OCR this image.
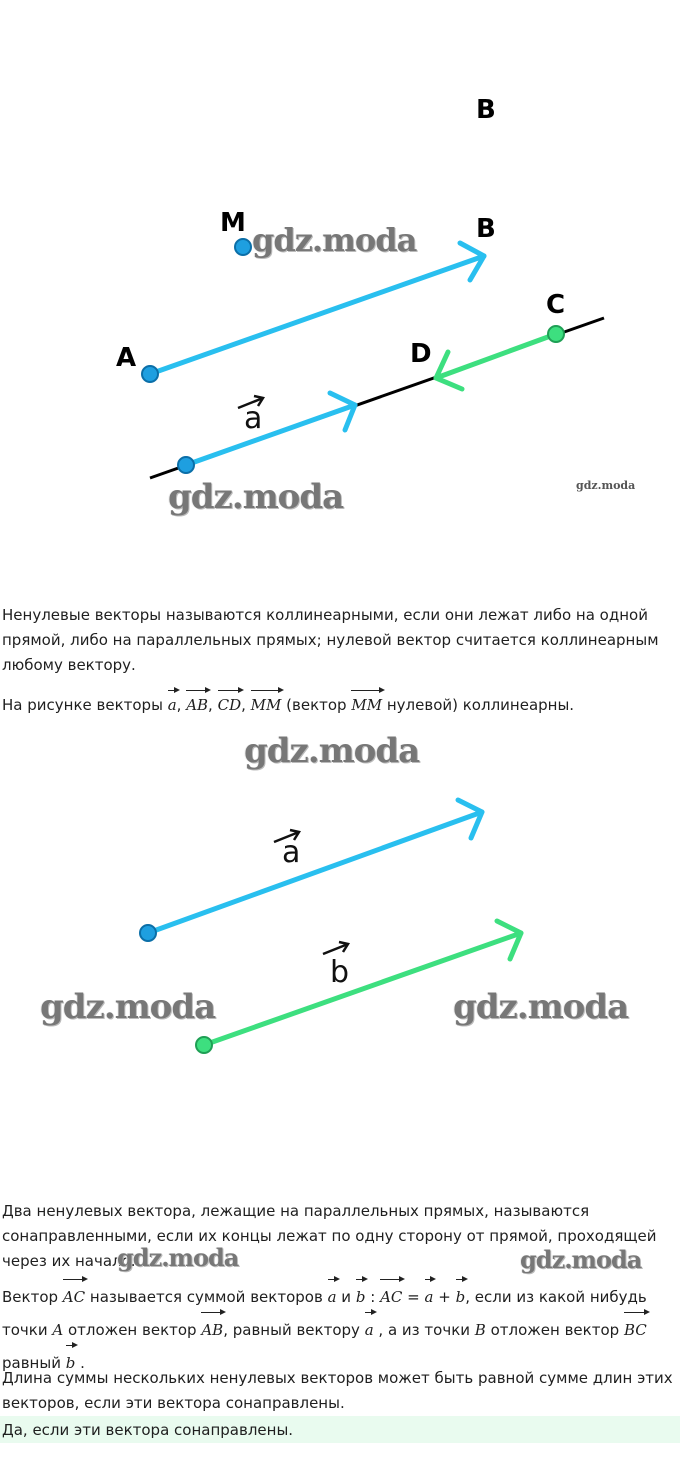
B
M	B
A
C
D
a
gdz.moda
gdz.moda	gdz.moda

Ненулевые векторы называются коллинеарными, если они лежат либо на одной прямой, либо на параллельных прямых; нулевой вектор считается коллинеарным любому вектору.

На рисунке векторы a, AB, CD, MM (вектор MM нулевой) коллинеарны.

a
b
gdz.moda
gdz.moda	gdz.moda

Два ненулевых вектора, лежащие на параллельных прямых, называются сонаправленными, если их концы лежат по одну сторону от прямой, проходящей через их начало.

Вектор AC называется суммой векторов a и b : AC = a + b, если из какой нибудь точки A отложен вектор AB, равный вектору a , а из точки B отложен вектор BC равный b .

Длина суммы нескольких ненулевых векторов может быть равной сумме длин этих векторов, если эти вектора сонаправлены.

Да, если эти вектора сонаправлены.
gdz.moda	gdz.moda
